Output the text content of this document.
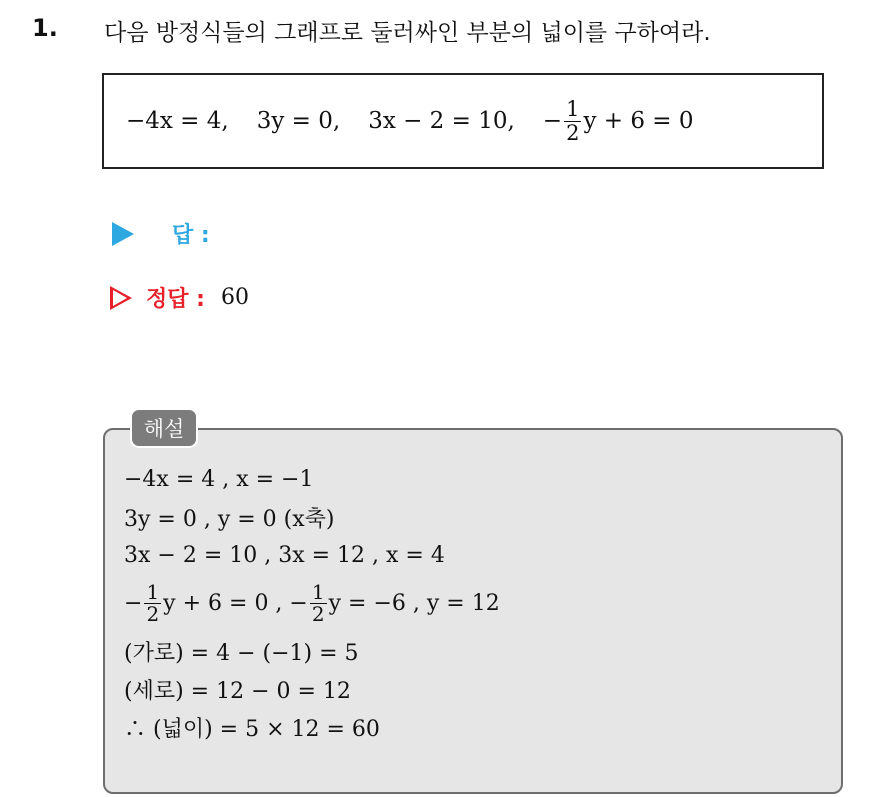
1. 다음 방정식들의 그래프로 둘러싸인 부분의 넓이를 구하여라.
−4x = 4, 3y = 0, 3x − 2 = 10, − $\frac{1}{2}$ y + 6 = 0
답 :
정답 : 60
해설
−4x = 4 , x = −1
3y = 0 , y = 0 (x축)
3x − 2 = 10 , 3x = 12 , x = 4
− $\frac{1}{2}$ y + 6 = 0 , − $\frac{1}{2}$ y = −6 , y = 12
(가로) = 4 − (−1) = 5
(세로) = 12 − 0 = 12
∴ (넓이) = 5 × 12 = 60
